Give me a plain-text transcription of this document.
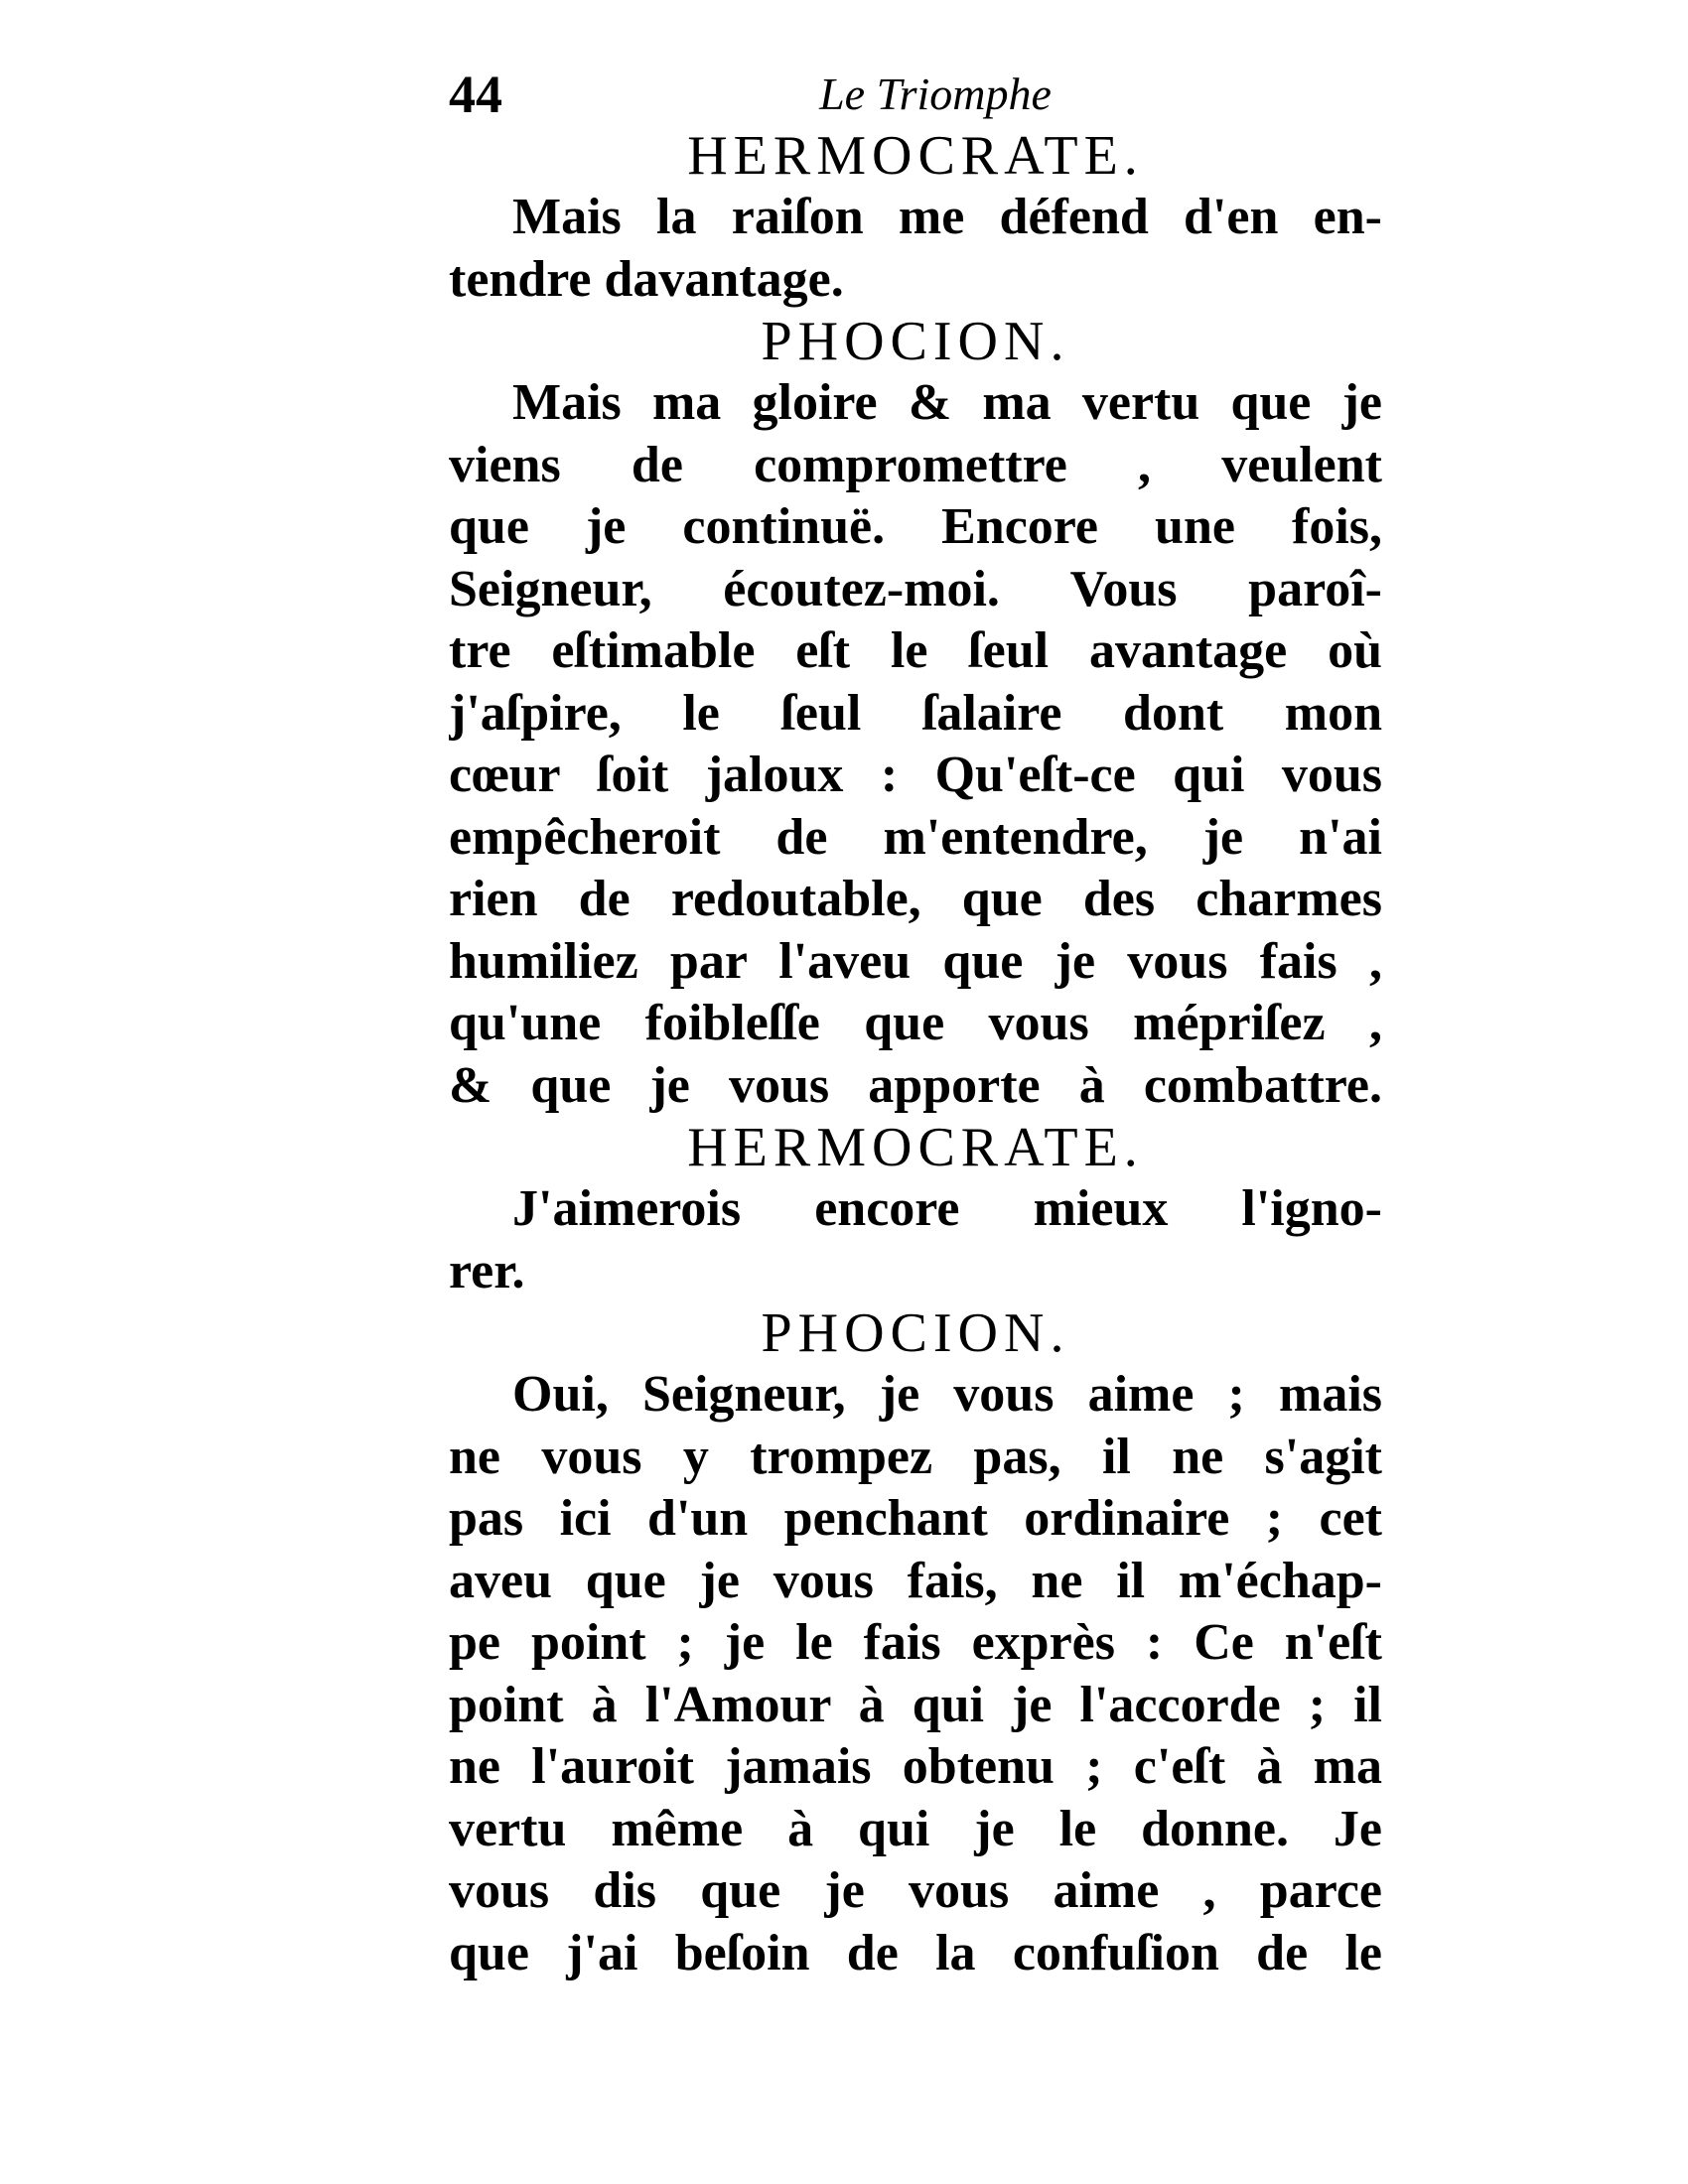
44	Le Triomphe
HERMOCRATE.
Mais la raiſon me défend d'en en-
tendre davantage.
PHOCION.
Mais ma gloire & ma vertu que je
viens de compromettre , veulent
que je continuë. Encore une fois,
Seigneur, écoutez-moi. Vous paroî-
tre eſtimable eſt le ſeul avantage où
j'aſpire, le ſeul ſalaire dont mon
cœur ſoit jaloux : Qu'eſt-ce qui vous
empêcheroit de m'entendre, je n'ai
rien de redoutable, que des charmes
humiliez par l'aveu que je vous fais ,
qu'une foibleſſe que vous mépriſez ,
& que je vous apporte à combattre.
HERMOCRATE.
J'aimerois encore mieux l'igno-
rer.
PHOCION.
Oui, Seigneur, je vous aime ; mais
ne vous y trompez pas, il ne s'agit
pas ici d'un penchant ordinaire ; cet
aveu que je vous fais, ne il m'échap-
pe point ; je le fais exprès : Ce n'eſt
point à l'Amour à qui je l'accorde ; il
ne l'auroit jamais obtenu ; c'eſt à ma
vertu même à qui je le donne. Je
vous dis que je vous aime , parce
que j'ai beſoin de la confuſion de le
